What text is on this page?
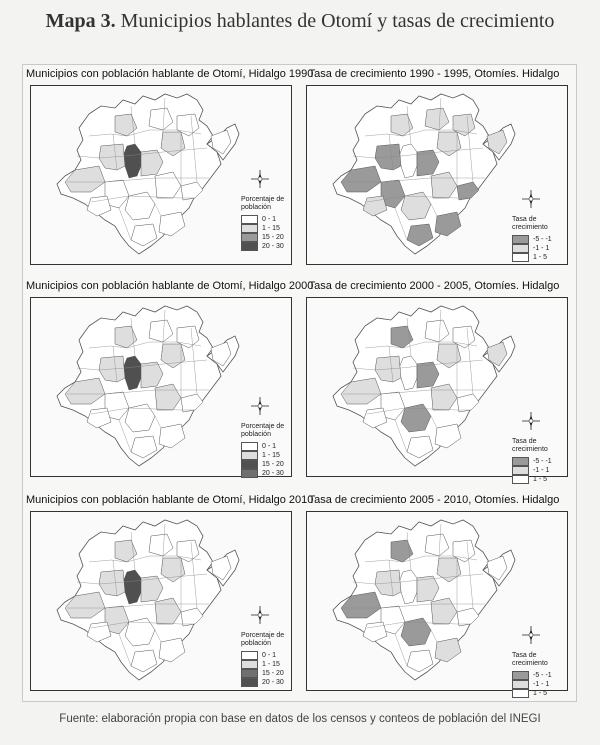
Mapa 3. Municipios hablantes de Otomí y tasas de crecimiento
Municipios con población hablante de Otomí, Hidalgo 1990
Porcentaje de población
0 - 1
1 - 15
15 - 20
20 - 30
Tasa de crecimiento 1990 - 1995, Otomíes. Hidalgo
Tasa de crecimiento
-5 - -1
-1 - 1
1 - 5
Municipios con población hablante de Otomí, Hidalgo 2000
Porcentaje de población
0 - 1
1 - 15
15 - 20
20 - 30
Tasa de crecimiento 2000 - 2005, Otomíes. Hidalgo
Tasa de crecimiento
-5 - -1
-1 - 1
1 - 5
Municipios con población hablante de Otomí, Hidalgo 2010
Porcentaje de población
0 - 1
1 - 15
15 - 20
20 - 30
Tasa de crecimiento 2005 - 2010, Otomíes. Hidalgo
Tasa de crecimiento
-5 - -1
-1 - 1
1 - 5
Fuente: elaboración propia con base en datos de los censos y conteos de población del INEGI
